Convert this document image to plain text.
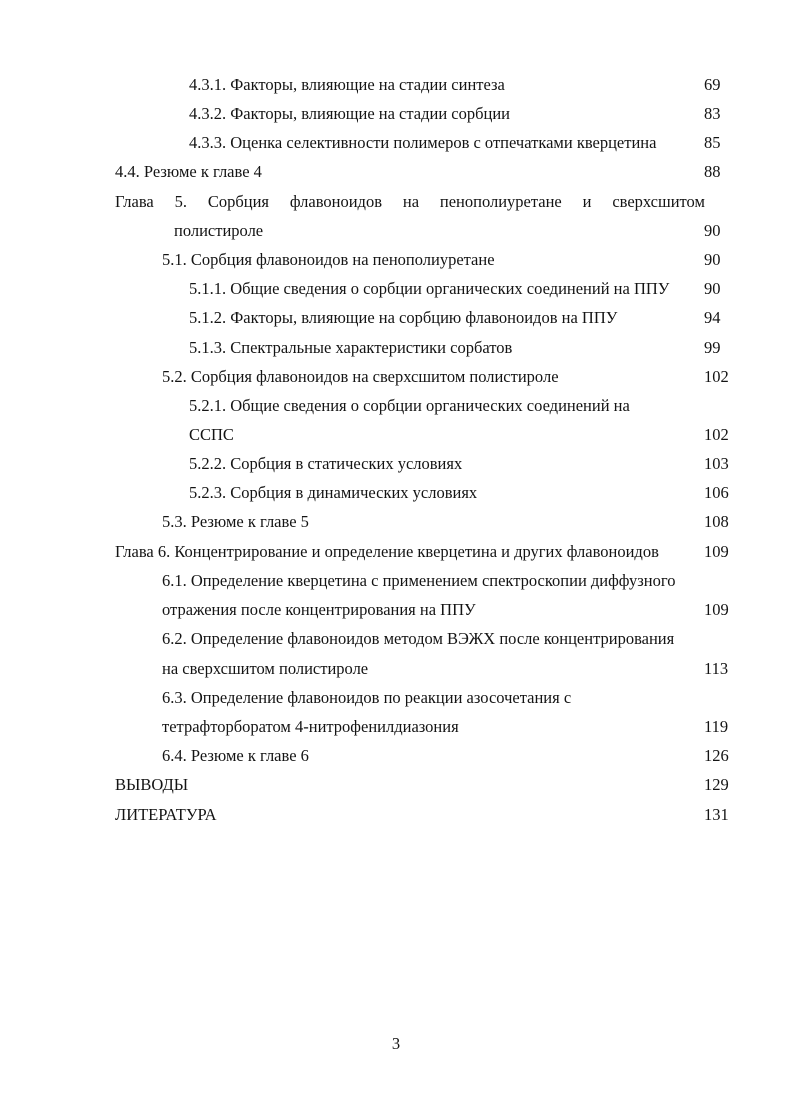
4.3.1. Факторы, влияющие на стадии синтеза	69
4.3.2. Факторы, влияющие на стадии сорбции	83
4.3.3. Оценка селективности полимеров с отпечатками кверцетина	85
4.4. Резюме к главе 4	88
Глава 5. Сорбция флавоноидов на пенополиуретане и сверхсшитом
полистироле	90
5.1. Сорбция флавоноидов на пенополиуретане	90
5.1.1. Общие сведения о сорбции органических соединений на ППУ 90
5.1.2. Факторы, влияющие на сорбцию флавоноидов на ППУ	94
5.1.3. Спектральные характеристики сорбатов	99
5.2. Сорбция флавоноидов на сверхсшитом полистироле	102
5.2.1. Общие сведения о сорбции органических соединений на
ССПС	102
5.2.2. Сорбция в статических условиях	103
5.2.3. Сорбция в динамических условиях	106
5.3. Резюме к главе 5	108
Глава 6. Концентрирование и определение кверцетина и других флавоноидов	109
6.1. Определение кверцетина с применением спектроскопии диффузного
отражения после концентрирования на ППУ	109
6.2. Определение флавоноидов методом ВЭЖХ после концентрирования
на сверхсшитом полистироле	113
6.3. Определение флавоноидов по реакции азосочетания с
тетрафторборатом 4-нитрофенилдиазония	119
6.4. Резюме к главе 6	126
ВЫВОДЫ	129
ЛИТЕРАТУРА	131
3
